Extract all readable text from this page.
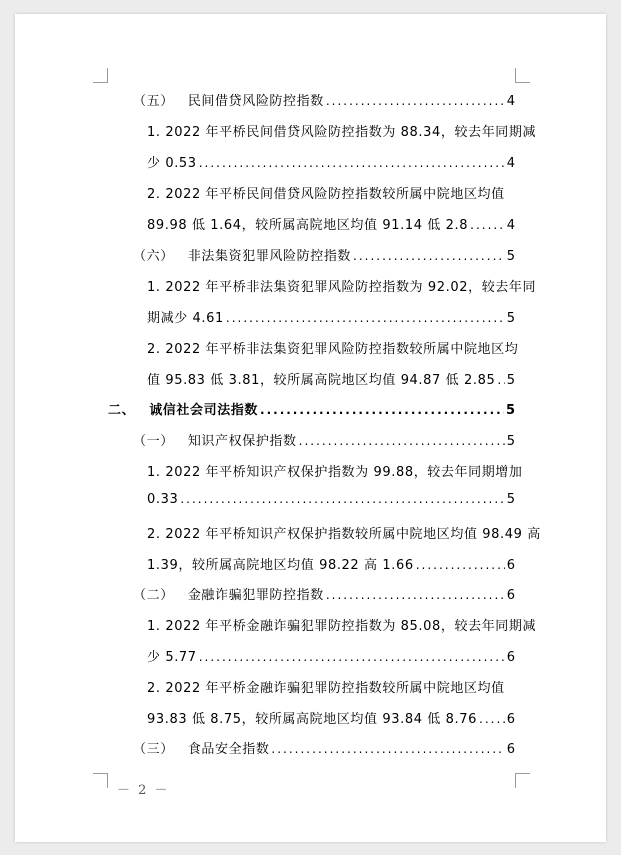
（五） 民间借贷风险防控指数 .....	4
1. 2022 年平桥民间借贷风险防控指数为 88.34，较去年同期减
少 0.53 .....	4
2. 2022 年平桥民间借贷风险防控指数较所属中院地区均值
89.98 低 1.64，较所属高院地区均值 91.14 低 2.8 .....	4
（六） 非法集资犯罪风险防控指数 .....	5
1. 2022 年平桥非法集资犯罪风险防控指数为 92.02，较去年同
期减少 4.61 .....	5
2. 2022 年平桥非法集资犯罪风险防控指数较所属中院地区均
值 95.83 低 3.81，较所属高院地区均值 94.87 低 2.85 ..... 5
二、 诚信社会司法指数 .....	5
（一） 知识产权保护指数 .....	5
1. 2022 年平桥知识产权保护指数为 99.88，较去年同期增加
0.33 .....	5
2. 2022 年平桥知识产权保护指数较所属中院地区均值 98.49 高
1.39，较所属高院地区均值 98.22 高 1.66 .....	6
（二） 金融诈骗犯罪防控指数 .....	6
1. 2022 年平桥金融诈骗犯罪防控指数为 85.08，较去年同期减
少 5.77 .....	6
2. 2022 年平桥金融诈骗犯罪防控指数较所属中院地区均值
93.83 低 8.75，较所属高院地区均值 93.84 低 8.76 ..... 6
（三） 食品安全指数 .....	6
－ 2 －
